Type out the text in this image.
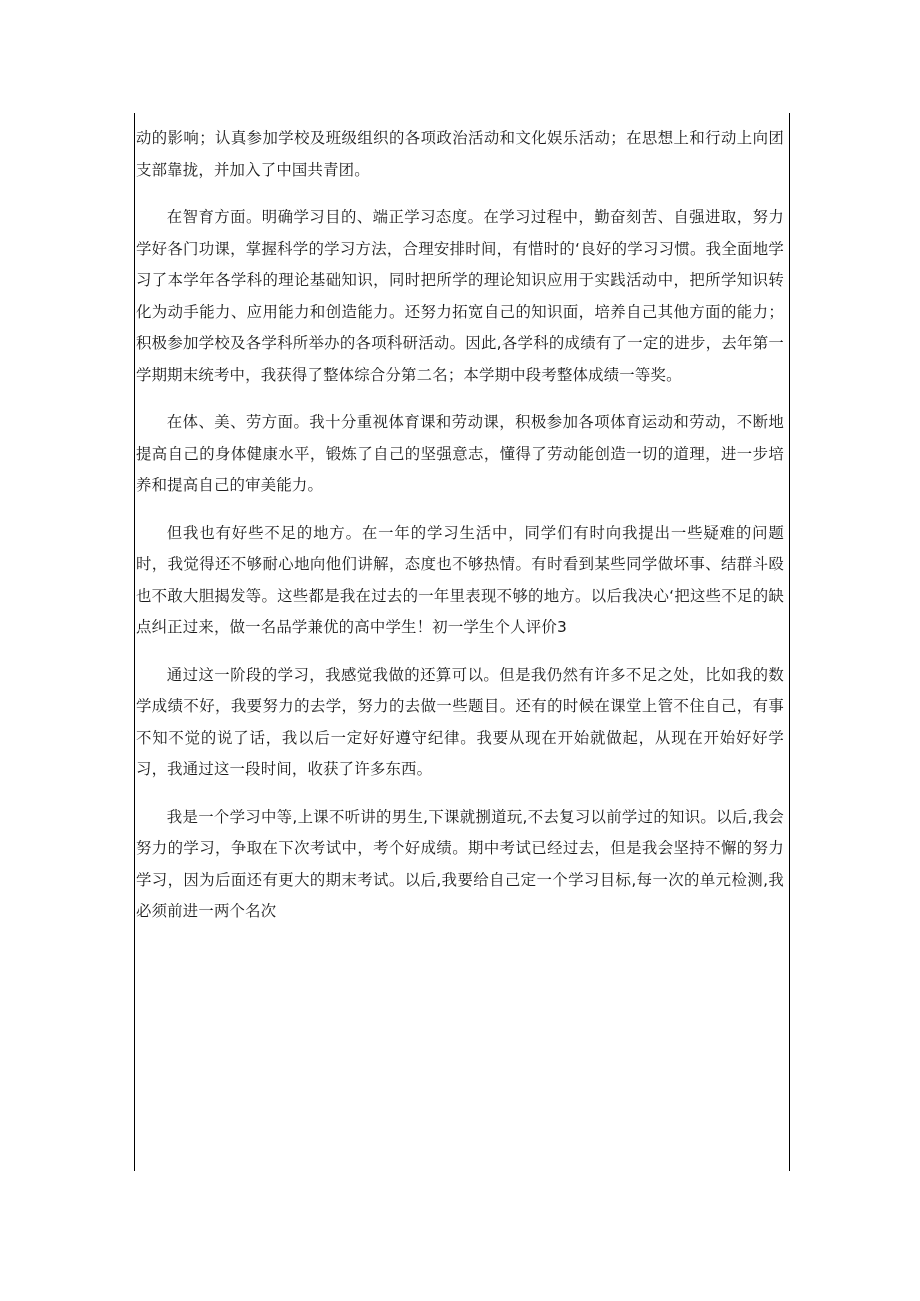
动的影响；认真参加学校及班级组织的各项政治活动和文化娱乐活动；在思想上和行动上向团支部靠拢，并加入了中国共青团。

在智育方面。明确学习目的、端正学习态度。在学习过程中，勤奋刻苦、自强进取，努力学好各门功课，掌握科学的学习方法，合理安排时间，有惜时的‘良好的学习习惯。我全面地学习了本学年各学科的理论基础知识，同时把所学的理论知识应用于实践活动中，把所学知识转化为动手能力、应用能力和创造能力。还努力拓宽自己的知识面，培养自己其他方面的能力；积极参加学校及各学科所举办的各项科研活动。因此,各学科的成绩有了一定的进步，去年第一学期期末统考中，我获得了整体综合分第二名；本学期中段考整体成绩一等奖。

在体、美、劳方面。我十分重视体育课和劳动课，积极参加各项体育运动和劳动，不断地提高自己的身体健康水平，锻炼了自己的坚强意志，懂得了劳动能创造一切的道理，进一步培养和提高自己的审美能力。

但我也有好些不足的地方。在一年的学习生活中，同学们有时向我提出一些疑难的问题时，我觉得还不够耐心地向他们讲解，态度也不够热情。有时看到某些同学做坏事、结群斗殴也不敢大胆揭发等。这些都是我在过去的一年里表现不够的地方。以后我决心‘把这些不足的缺点纠正过来，做一名品学兼优的高中学生！初一学生个人评价3

通过这一阶段的学习，我感觉我做的还算可以。但是我仍然有许多不足之处，比如我的数学成绩不好，我要努力的去学，努力的去做一些题目。还有的时候在课堂上管不住自己，有事不知不觉的说了话，我以后一定好好遵守纪律。我要从现在开始就做起，从现在开始好好学习，我通过这一段时间，收获了许多东西。

我是一个学习中等,上课不听讲的男生,下课就捌道玩,不去复习以前学过的知识。以后,我会努力的学习，争取在下次考试中，考个好成绩。期中考试已经过去，但是我会坚持不懈的努力学习，因为后面还有更大的期末考试。以后,我要给自己定一个学习目标,每一次的单元检测,我必须前进一两个名次
